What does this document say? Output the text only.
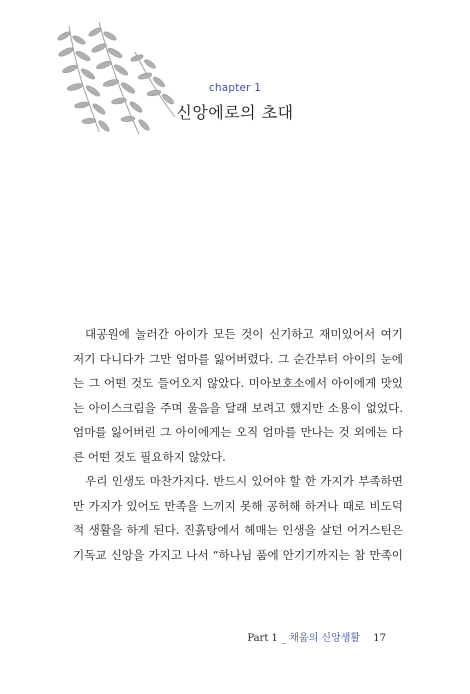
chapter 1
신앙에로의 초대
대공원에 놀러간 아이가 모든 것이 신기하고 재미있어서 여기
저기 다니다가 그만 엄마를 잃어버렸다. 그 순간부터 아이의 눈에
는 그 어떤 것도 들어오지 않았다. 미아보호소에서 아이에게 맛있
는 아이스크림을 주며 울음을 달래 보려고 했지만 소용이 없었다.
엄마를 잃어버린 그 아이에게는 오직 엄마를 만나는 것 외에는 다
른 어떤 것도 필요하지 않았다.
우리 인생도 마찬가지다. 반드시 있어야 할 한 가지가 부족하면
만 가지가 있어도 만족을 느끼지 못해 공허해 하거나 때로 비도덕
적 생활을 하게 된다. 진흙탕에서 헤매는 인생을 살던 어거스틴은
기독교 신앙을 가지고 나서 “하나님 품에 안기기까지는 참 만족이
Part 1 _ 채움의 신앙생활 17
